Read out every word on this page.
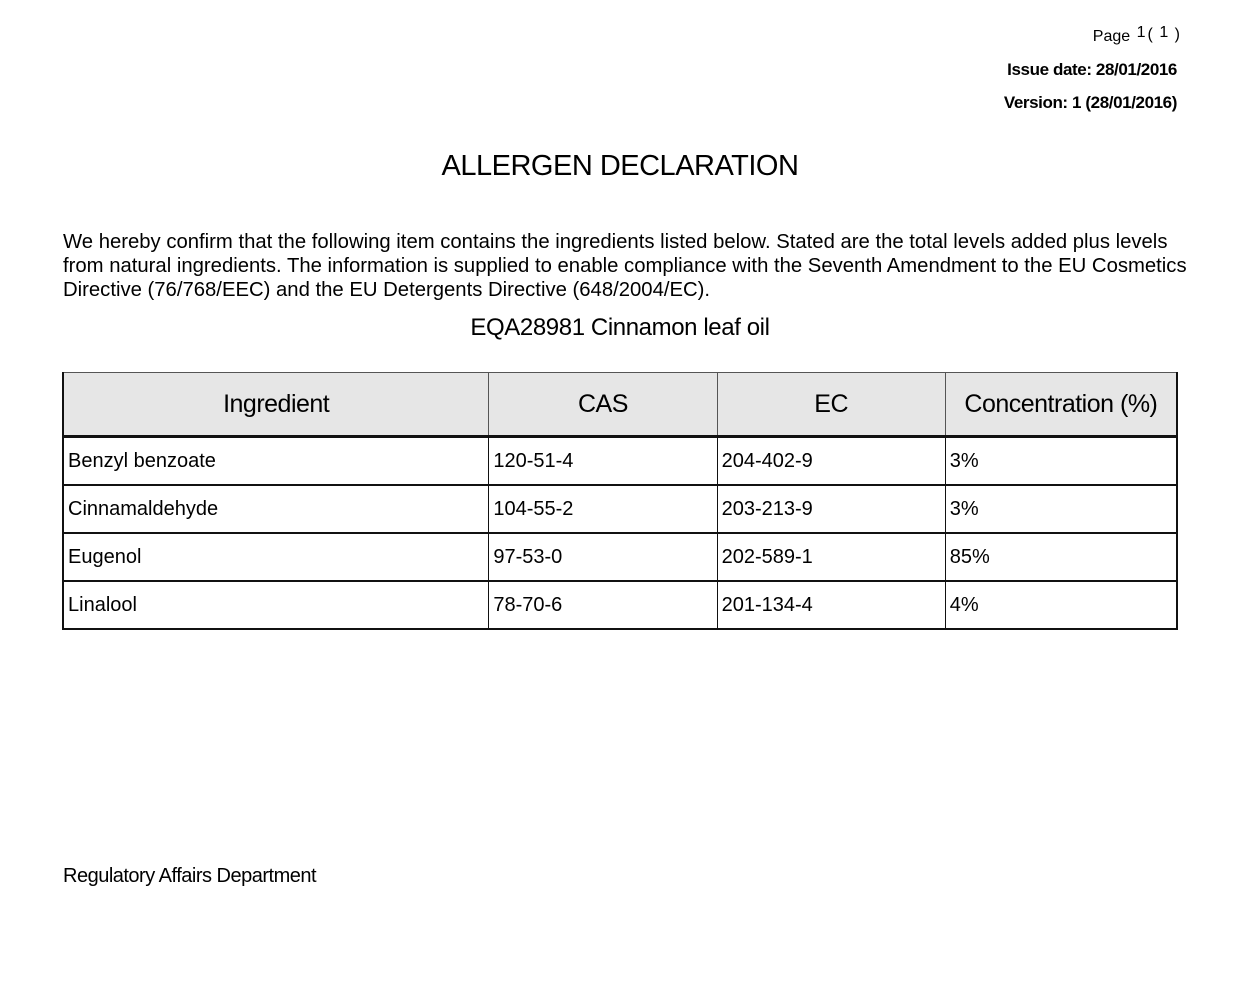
Page 1 ( 1 )
Issue date: 28/01/2016
Version: 1 (28/01/2016)
ALLERGEN DECLARATION
We hereby confirm that the following item contains the ingredients listed below. Stated are the total levels added plus levels from natural ingredients. The information is supplied to enable compliance with the Seventh Amendment to the EU Cosmetics Directive (76/768/EEC) and the EU Detergents Directive (648/2004/EC).
EQA28981 Cinnamon leaf oil
Ingredient	CAS	EC	Concentration (%)
Benzyl benzoate	120-51-4	204-402-9	3%
Cinnamaldehyde	104-55-2	203-213-9	3%
Eugenol	97-53-0	202-589-1	85%
Linalool	78-70-6	201-134-4	4%
Regulatory Affairs Department
